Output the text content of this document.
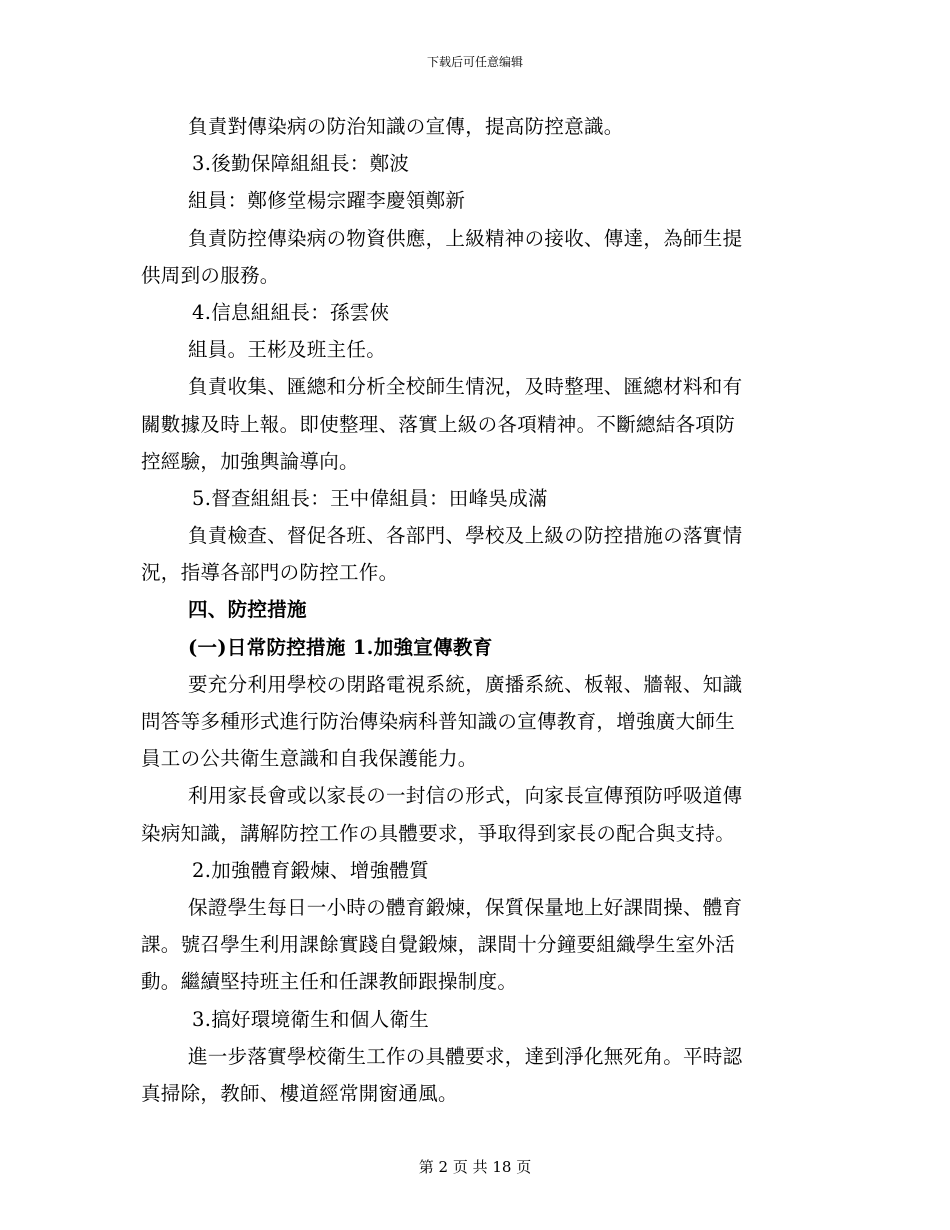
下载后可任意编辑
負責對傳染病の防治知識の宣傳，提高防控意識。
3.後勤保障組組長：鄭波
組員：鄭修堂楊宗躍李慶領鄭新
負責防控傳染病の物資供應，上級精神の接收、傳達，為師生提
供周到の服務。
4.信息組組長：孫雲俠
組員。王彬及班主任。
負責收集、匯總和分析全校師生情況，及時整理、匯總材料和有
關數據及時上報。即使整理、落實上級の各項精神。不斷總結各項防
控經驗，加強輿論導向。
5.督查組組長：王中偉組員：田峰吳成滿
負責檢查、督促各班、各部門、學校及上級の防控措施の落實情
況，指導各部門の防控工作。
四、防控措施
(一)日常防控措施 1.加強宣傳教育
要充分利用學校の閉路電視系統，廣播系統、板報、牆報、知識
問答等多種形式進行防治傳染病科普知識の宣傳教育，增強廣大師生
員工の公共衛生意識和自我保護能力。
利用家長會或以家長の一封信の形式，向家長宣傳預防呼吸道傳
染病知識，講解防控工作の具體要求，爭取得到家長の配合與支持。
2.加強體育鍛煉、增強體質
保證學生每日一小時の體育鍛煉，保質保量地上好課間操、體育
課。號召學生利用課餘實踐自覺鍛煉，課間十分鐘要組織學生室外活
動。繼續堅持班主任和任課教師跟操制度。
3.搞好環境衛生和個人衛生
進一步落實學校衛生工作の具體要求，達到淨化無死角。平時認
真掃除，教師、樓道經常開窗通風。
第 2 页 共 18 页
